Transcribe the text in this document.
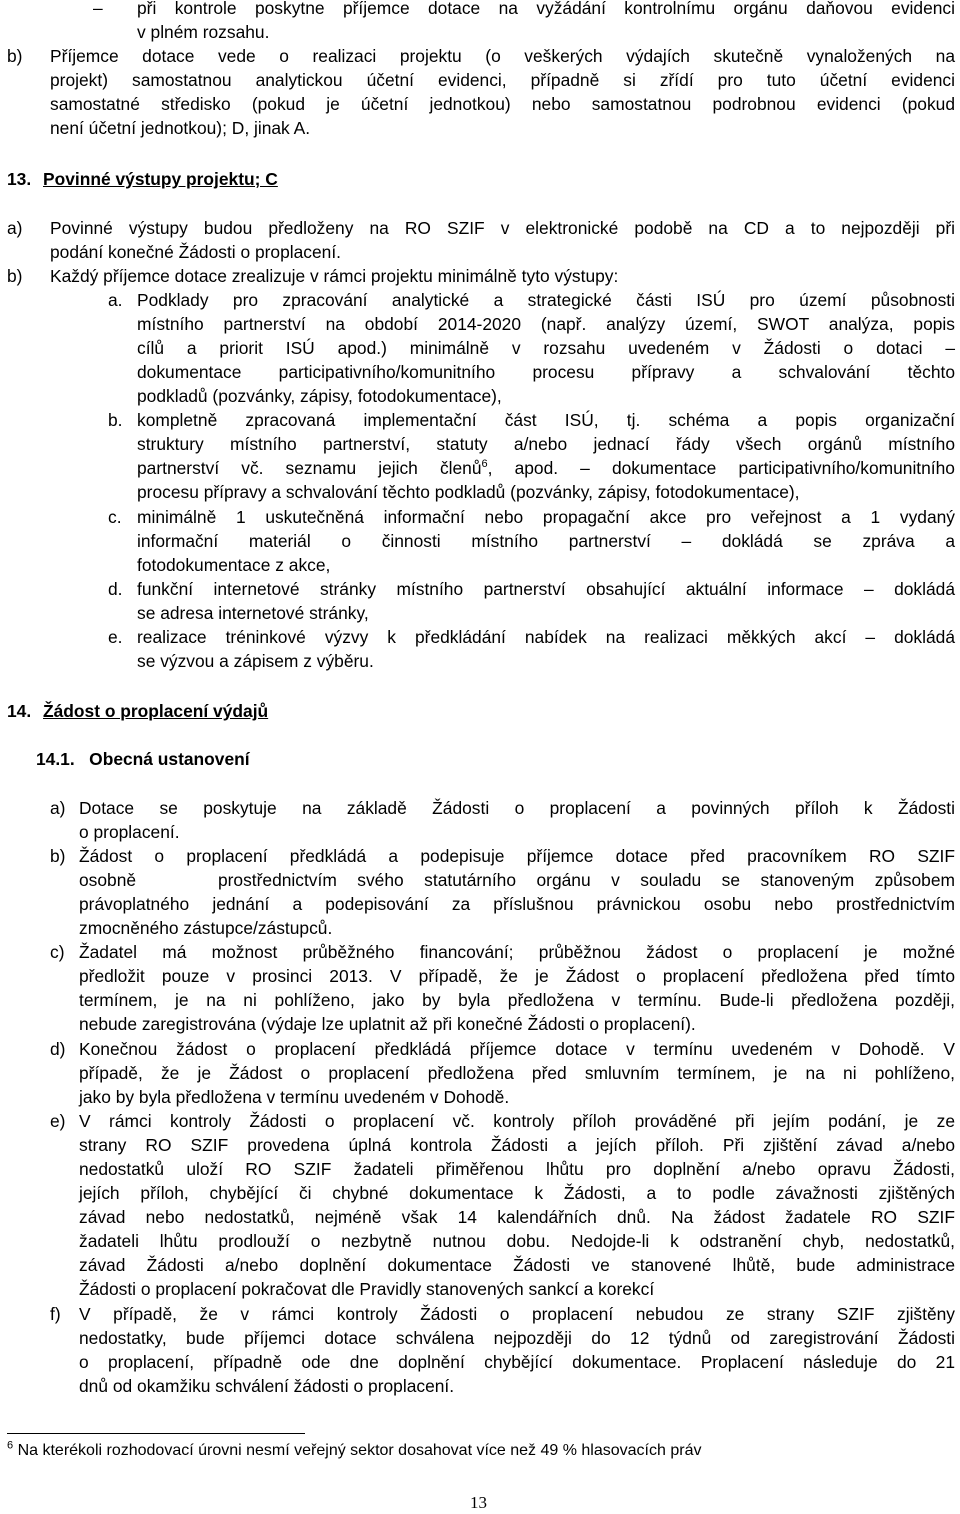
– při kontrole poskytne příjemce dotace na vyžádání kontrolnímu orgánu daňovou evidenci
v plném rozsahu.
b) Příjemce dotace vede o realizaci projektu (o veškerých výdajích skutečně vynaložených na
projekt) samostatnou analytickou účetní evidenci, případně si zřídí pro tuto účetní evidenci
samostatné středisko (pokud je účetní jednotkou) nebo samostatnou podrobnou evidenci (pokud
není účetní jednotkou); D, jinak A.
13. Povinné výstupy projektu; C
a) Povinné výstupy budou předloženy na RO SZIF v elektronické podobě na CD a to nejpozději při
podání konečné Žádosti o proplacení.
b) Každý příjemce dotace zrealizuje v rámci projektu minimálně tyto výstupy:
a. Podklady pro zpracování analytické a strategické části ISÚ pro území působnosti
místního partnerství na období 2014-2020 (např. analýzy území, SWOT analýza, popis
cílů a priorit ISÚ apod.) minimálně v rozsahu uvedeném v Žádosti o dotaci –
dokumentace participativního/komunitního procesu přípravy a schvalování těchto
podkladů (pozvánky, zápisy, fotodokumentace),
b. kompletně zpracovaná implementační část ISÚ, tj. schéma a popis organizační
struktury místního partnerství, statuty a/nebo jednací řády všech orgánů místního
partnerství vč. seznamu jejich členů$^6$, apod. – dokumentace participativního/komunitního
procesu přípravy a schvalování těchto podkladů (pozvánky, zápisy, fotodokumentace),
c. minimálně 1 uskutečněná informační nebo propagační akce pro veřejnost a 1 vydaný
informační materiál o činnosti místního partnerství – dokládá se zpráva a
fotodokumentace z akce,
d. funkční internetové stránky místního partnerství obsahující aktuální informace – dokládá
se adresa internetové stránky,
e. realizace tréninkové výzvy k předkládání nabídek na realizaci měkkých akcí – dokládá
se výzvou a zápisem z výběru.
14. Žádost o proplacení výdajů
14.1.   Obecná ustanovení
a) Dotace se poskytuje na základě Žádosti o proplacení a povinných příloh k Žádosti
o proplacení.
b) Žádost o proplacení předkládá a podepisuje příjemce dotace před pracovníkem RO SZIF
osobně    prostřednictvím svého statutárního orgánu v souladu se stanoveným způsobem
právoplatného jednání a podepisování za příslušnou právnickou osobu nebo prostřednictvím
zmocněného zástupce/zástupců.
c) Žadatel má možnost průběžného financování; průběžnou žádost o proplacení je možné
předložit pouze v prosinci 2013. V případě, že je Žádost o proplacení předložena před tímto
termínem, je na ni pohlíženo, jako by byla předložena v termínu. Bude-li předložena později,
nebude zaregistrována (výdaje lze uplatnit až při konečné Žádosti o proplacení).
d) Konečnou žádost o proplacení předkládá příjemce dotace v termínu uvedeném v Dohodě. V
případě, že je Žádost o proplacení předložena před smluvním termínem, je na ni pohlíženo,
jako by byla předložena v termínu uvedeném v Dohodě.
e) V rámci kontroly Žádosti o proplacení vč. kontroly příloh prováděné při jejím podání, je ze
strany RO SZIF provedena úplná kontrola Žádosti a jejích příloh. Při zjištění závad a/nebo
nedostatků uloží RO SZIF žadateli přiměřenou lhůtu pro doplnění a/nebo opravu Žádosti,
jejích příloh, chybějící či chybné dokumentace k Žádosti, a to podle závažnosti zjištěných
závad nebo nedostatků, nejméně však 14 kalendářních dnů. Na žádost žadatele RO SZIF
žadateli lhůtu prodlouží o nezbytně nutnou dobu. Nedojde-li k odstranění chyb, nedostatků,
závad Žádosti a/nebo doplnění dokumentace Žádosti ve stanovené lhůtě, bude administrace
Žádosti o proplacení pokračovat dle Pravidly stanovených sankcí a korekcí
f) V případě, že v rámci kontroly Žádosti o proplacení nebudou ze strany SZIF zjištěny
nedostatky, bude příjemci dotace schválena nejpozději do 12 týdnů od zaregistrování Žádosti
o proplacení, případně ode dne doplnění chybějící dokumentace. Proplacení následuje do 21
dnů od okamžiku schválení žádosti o proplacení.
$^6$ Na kterékoli rozhodovací úrovni nesmí veřejný sektor dosahovat více než 49 % hlasovacích práv
13
